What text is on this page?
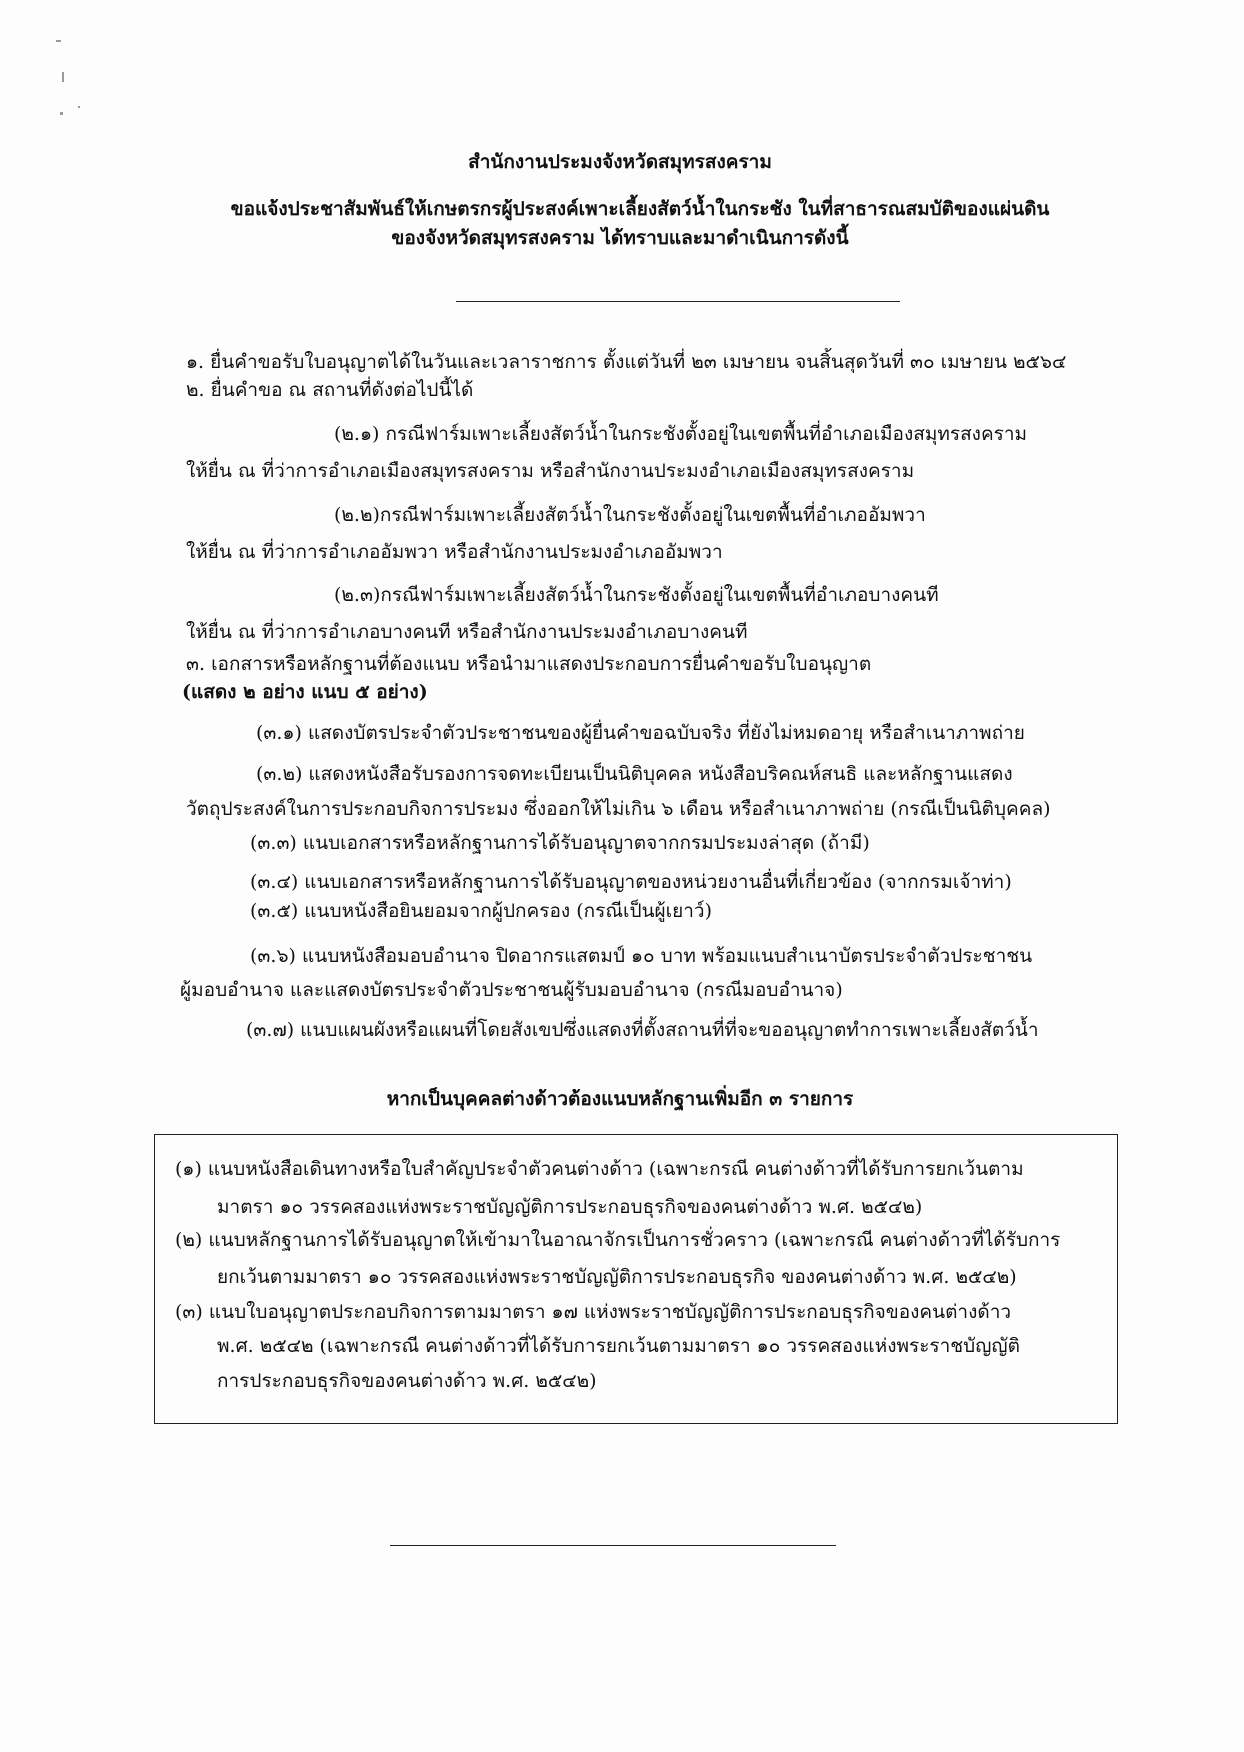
สำนักงานประมงจังหวัดสมุทรสงคราม
ขอแจ้งประชาสัมพันธ์ให้เกษตรกรผู้ประสงค์เพาะเลี้ยงสัตว์น้ำในกระชัง ในที่สาธารณสมบัติของแผ่นดิน
ของจังหวัดสมุทรสงคราม ได้ทราบและมาดำเนินการดังนี้
๑. ยื่นคำขอรับใบอนุญาตได้ในวันและเวลาราชการ ตั้งแต่วันที่ ๒๓ เมษายน จนสิ้นสุดวันที่ ๓๐ เมษายน ๒๕๖๔
๒. ยื่นคำขอ ณ สถานที่ดังต่อไปนี้ได้
(๒.๑) กรณีฟาร์มเพาะเลี้ยงสัตว์น้ำในกระชังตั้งอยู่ในเขตพื้นที่อำเภอเมืองสมุทรสงคราม
ให้ยื่น ณ ที่ว่าการอำเภอเมืองสมุทรสงคราม หรือสำนักงานประมงอำเภอเมืองสมุทรสงคราม
(๒.๒)กรณีฟาร์มเพาะเลี้ยงสัตว์น้ำในกระชังตั้งอยู่ในเขตพื้นที่อำเภออัมพวา
ให้ยื่น ณ ที่ว่าการอำเภออัมพวา หรือสำนักงานประมงอำเภออัมพวา
(๒.๓)กรณีฟาร์มเพาะเลี้ยงสัตว์น้ำในกระชังตั้งอยู่ในเขตพื้นที่อำเภอบางคนที
ให้ยื่น ณ ที่ว่าการอำเภอบางคนที หรือสำนักงานประมงอำเภอบางคนที
๓. เอกสารหรือหลักฐานที่ต้องแนบ หรือนำมาแสดงประกอบการยื่นคำขอรับใบอนุญาต
(แสดง ๒ อย่าง แนบ ๕ อย่าง)
(๓.๑) แสดงบัตรประจำตัวประชาชนของผู้ยื่นคำขอฉบับจริง ที่ยังไม่หมดอายุ หรือสำเนาภาพถ่าย
(๓.๒) แสดงหนังสือรับรองการจดทะเบียนเป็นนิติบุคคล หนังสือบริคณห์สนธิ และหลักฐานแสดง
วัตถุประสงค์ในการประกอบกิจการประมง ซึ่งออกให้ไม่เกิน ๖ เดือน หรือสำเนาภาพถ่าย (กรณีเป็นนิติบุคคล)
(๓.๓) แนบเอกสารหรือหลักฐานการได้รับอนุญาตจากกรมประมงล่าสุด (ถ้ามี)
(๓.๔) แนบเอกสารหรือหลักฐานการได้รับอนุญาตของหน่วยงานอื่นที่เกี่ยวข้อง (จากกรมเจ้าท่า)
(๓.๕) แนบหนังสือยินยอมจากผู้ปกครอง (กรณีเป็นผู้เยาว์)
(๓.๖) แนบหนังสือมอบอำนาจ ปิดอากรแสตมป์ ๑๐ บาท พร้อมแนบสำเนาบัตรประจำตัวประชาชน
ผู้มอบอำนาจ และแสดงบัตรประจำตัวประชาชนผู้รับมอบอำนาจ (กรณีมอบอำนาจ)
(๓.๗) แนบแผนผังหรือแผนที่โดยสังเขปซึ่งแสดงที่ตั้งสถานที่ที่จะขออนุญาตทำการเพาะเลี้ยงสัตว์น้ำ
หากเป็นบุคคลต่างด้าวต้องแนบหลักฐานเพิ่มอีก ๓ รายการ
(๑) แนบหนังสือเดินทางหรือใบสำคัญประจำตัวคนต่างด้าว (เฉพาะกรณี คนต่างด้าวที่ได้รับการยกเว้นตาม
มาตรา ๑๐ วรรคสองแห่งพระราชบัญญัติการประกอบธุรกิจของคนต่างด้าว พ.ศ. ๒๕๔๒)
(๒) แนบหลักฐานการได้รับอนุญาตให้เข้ามาในอาณาจักรเป็นการชั่วคราว (เฉพาะกรณี คนต่างด้าวที่ได้รับการ
ยกเว้นตามมาตรา ๑๐ วรรคสองแห่งพระราชบัญญัติการประกอบธุรกิจ ของคนต่างด้าว พ.ศ. ๒๕๔๒)
(๓) แนบใบอนุญาตประกอบกิจการตามมาตรา ๑๗ แห่งพระราชบัญญัติการประกอบธุรกิจของคนต่างด้าว
พ.ศ. ๒๕๔๒ (เฉพาะกรณี คนต่างด้าวที่ได้รับการยกเว้นตามมาตรา ๑๐ วรรคสองแห่งพระราชบัญญัติ
การประกอบธุรกิจของคนต่างด้าว พ.ศ. ๒๕๔๒)
